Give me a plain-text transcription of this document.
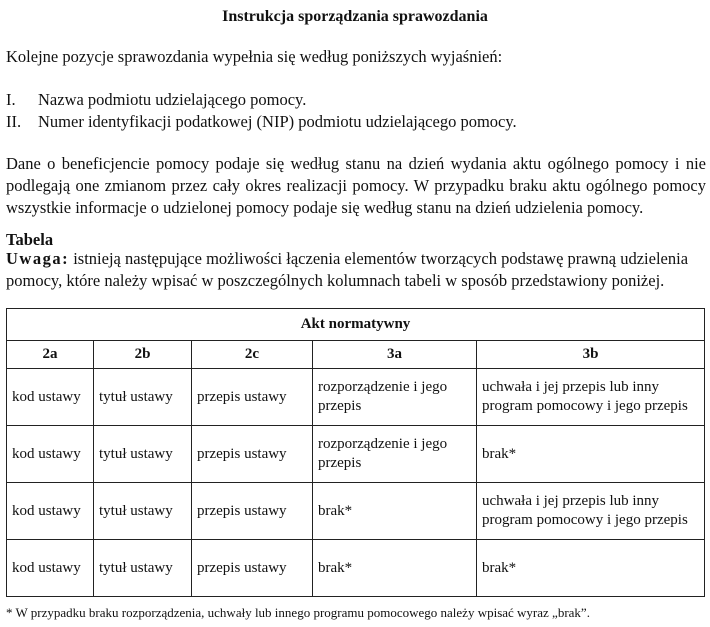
Instrukcja sporządzania sprawozdania
Kolejne pozycje sprawozdania wypełnia się według poniższych wyjaśnień:
I.	Nazwa podmiotu udzielającego pomocy.
II.	Numer identyfikacji podatkowej (NIP) podmiotu udzielającego pomocy.

Dane o beneficjencie pomocy podaje się według stanu na dzień wydania aktu ogólnego pomocy i nie podlegają one zmianom przez cały okres realizacji pomocy. W przypadku braku aktu ogólnego pomocy wszystkie informacje o udzielonej pomocy podaje się według stanu na dzień udzielenia pomocy.

Tabela

Uwaga: istnieją następujące możliwości łączenia elementów tworzących podstawę prawną udzielenia pomocy, które należy wpisać w poszczególnych kolumnach tabeli w sposób przedstawiony poniżej.

Akt normatywny				
2a	2b	2c	3a	3b
kod ustawy	tytuł ustawy	przepis ustawy	rozporządzenie i jego przepis	uchwała i jej przepis lub inny program pomocowy i jego przepis
kod ustawy	tytuł ustawy	przepis ustawy	rozporządzenie i jego przepis	brak*
kod ustawy	tytuł ustawy	przepis ustawy	brak*	uchwała i jej przepis lub inny program pomocowy i jego przepis
kod ustawy	tytuł ustawy	przepis ustawy	brak*	brak*
* W przypadku braku rozporządzenia, uchwały lub innego programu pomocowego należy wpisać wyraz „brak”.
